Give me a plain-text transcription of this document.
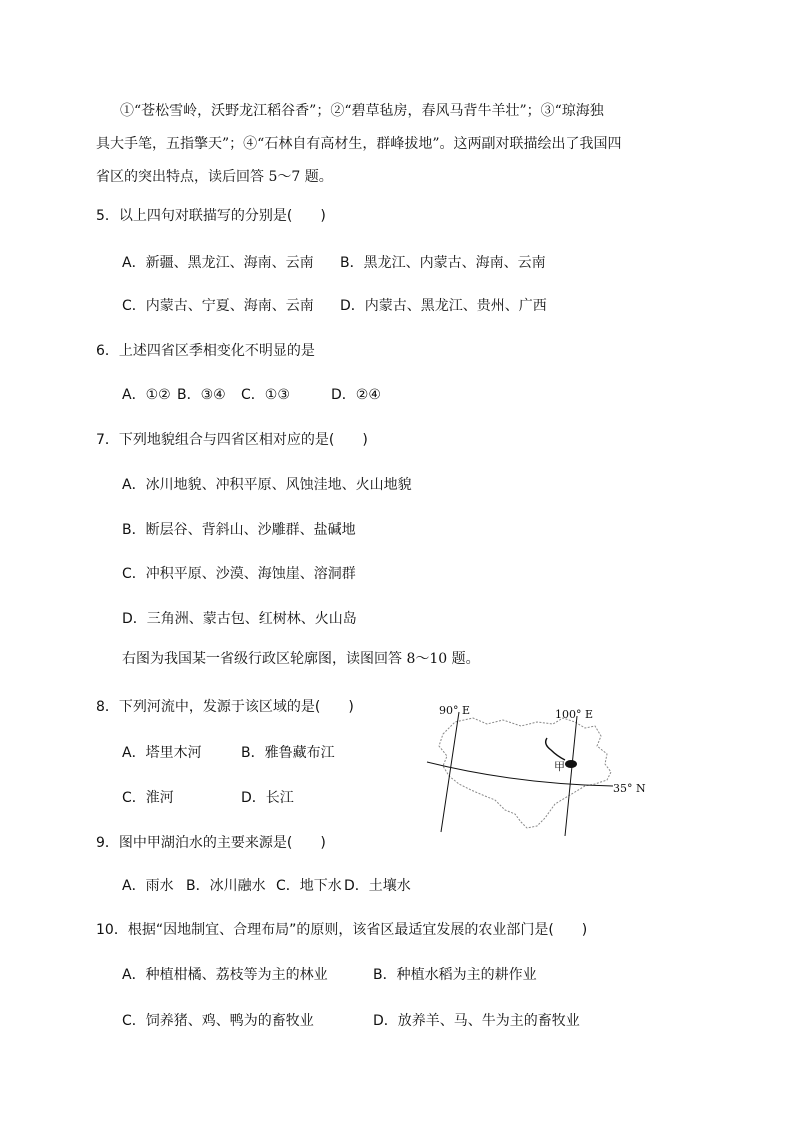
①“苍松雪岭，沃野龙江稻谷香”；②“碧草毡房，春风马背牛羊壮”；③“琼海独
具大手笔，五指擎天”；④“石林自有高材生，群峰拔地”。这两副对联描绘出了我国四
省区的突出特点，读后回答 5～7 题。
5．以上四句对联描写的分别是(　　)
A．新疆、黑龙江、海南、云南 B．黑龙江、内蒙古、海南、云南
C．内蒙古、宁夏、海南、云南 D．内蒙古、黑龙江、贵州、广西
6．上述四省区季相变化不明显的是
A．①② B．③④ C．①③	D．②④
7．下列地貌组合与四省区相对应的是(　　)
A．冰川地貌、冲积平原、风蚀洼地、火山地貌
B．断层谷、背斜山、沙雕群、盐碱地
C．冲积平原、沙漠、海蚀崖、溶洞群
D．三角洲、蒙古包、红树林、火山岛
右图为我国某一省级行政区轮廓图，读图回答 8～10 题。
8．下列河流中，发源于该区域的是(　　)
A．塔里木河	B．雅鲁藏布江
C．淮河	D．长江
90° E	100° E
35° N
甲
9．图中甲湖泊水的主要来源是(　　)
A．雨水 B．冰川融水 C．地下水 D．土壤水
10．根据“因地制宜、合理布局”的原则，该省区最适宜发展的农业部门是(　　)
A．种植柑橘、荔枝等为主的林业	B．种植水稻为主的耕作业
C．饲养猪、鸡、鸭为的畜牧业	D．放养羊、马、牛为主的畜牧业
